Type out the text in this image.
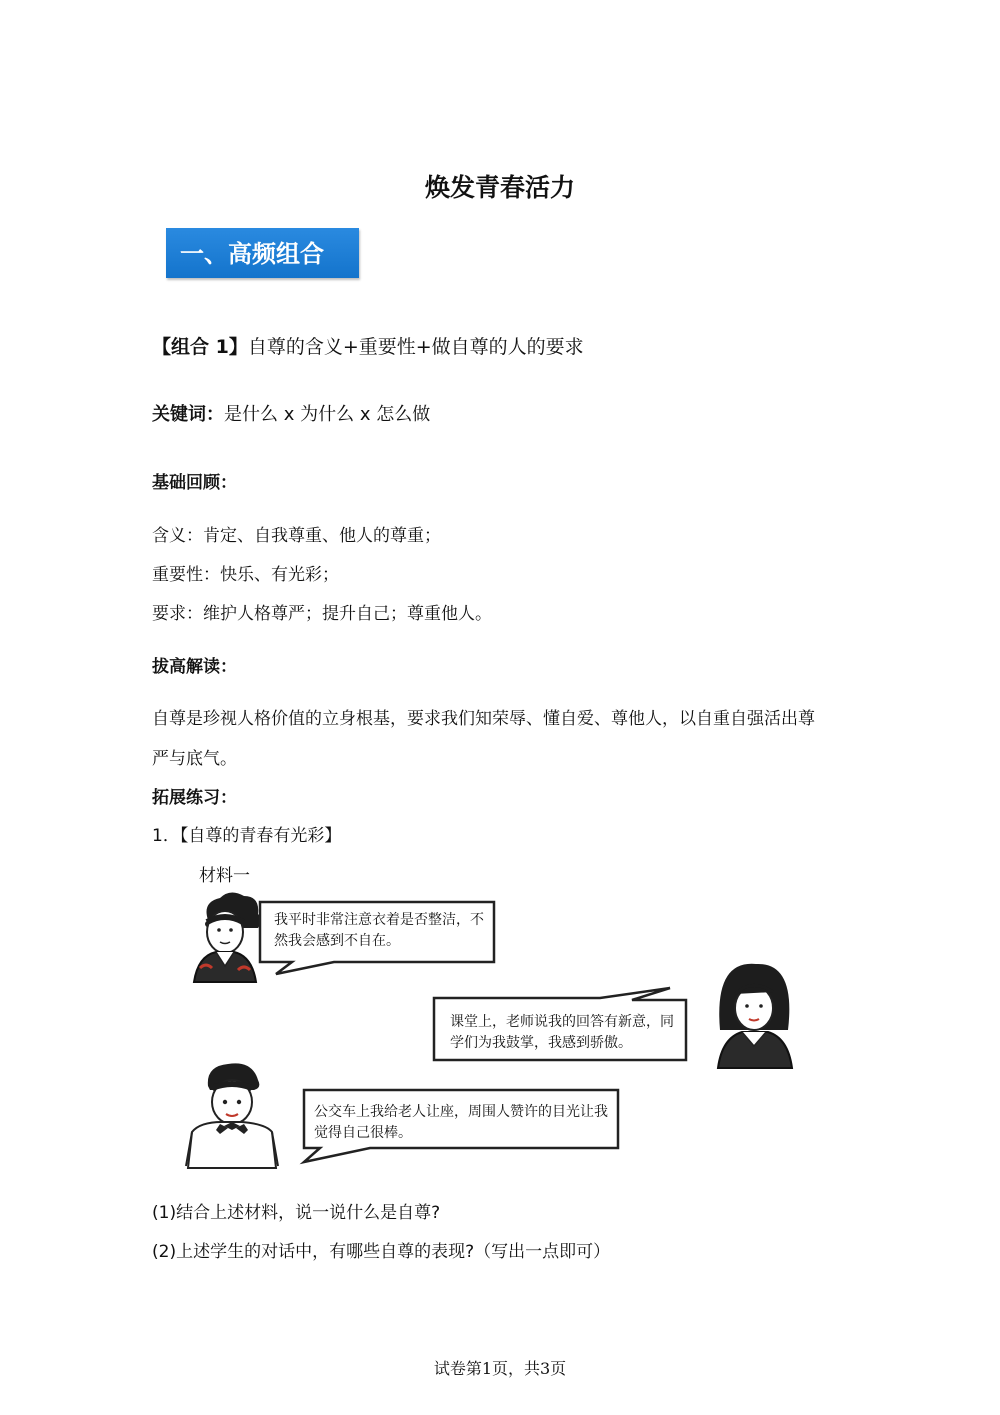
焕发青春活力
一、高频组合
【组合 1】自尊的含义+重要性+做自尊的人的要求
关键词：是什么 x 为什么 x 怎么做
基础回顾：
含义：肯定、自我尊重、他人的尊重；
重要性：快乐、有光彩；
要求：维护人格尊严；提升自己；尊重他人。
拔高解读：
自尊是珍视人格价值的立身根基，要求我们知荣辱、懂自爱、尊他人，以自重自强活出尊
严与底气。
拓展练习：
1．【自尊的青春有光彩】
材料一
我平时非常注意衣着是否整洁，不然我会感到不自在。
课堂上，老师说我的回答有新意，同学们为我鼓掌，我感到骄傲。
公交车上我给老人让座，周围人赞许的目光让我觉得自己很棒。
(1)结合上述材料，说一说什么是自尊?
(2)上述学生的对话中，有哪些自尊的表现?（写出一点即可）
试卷第1页，共3页
